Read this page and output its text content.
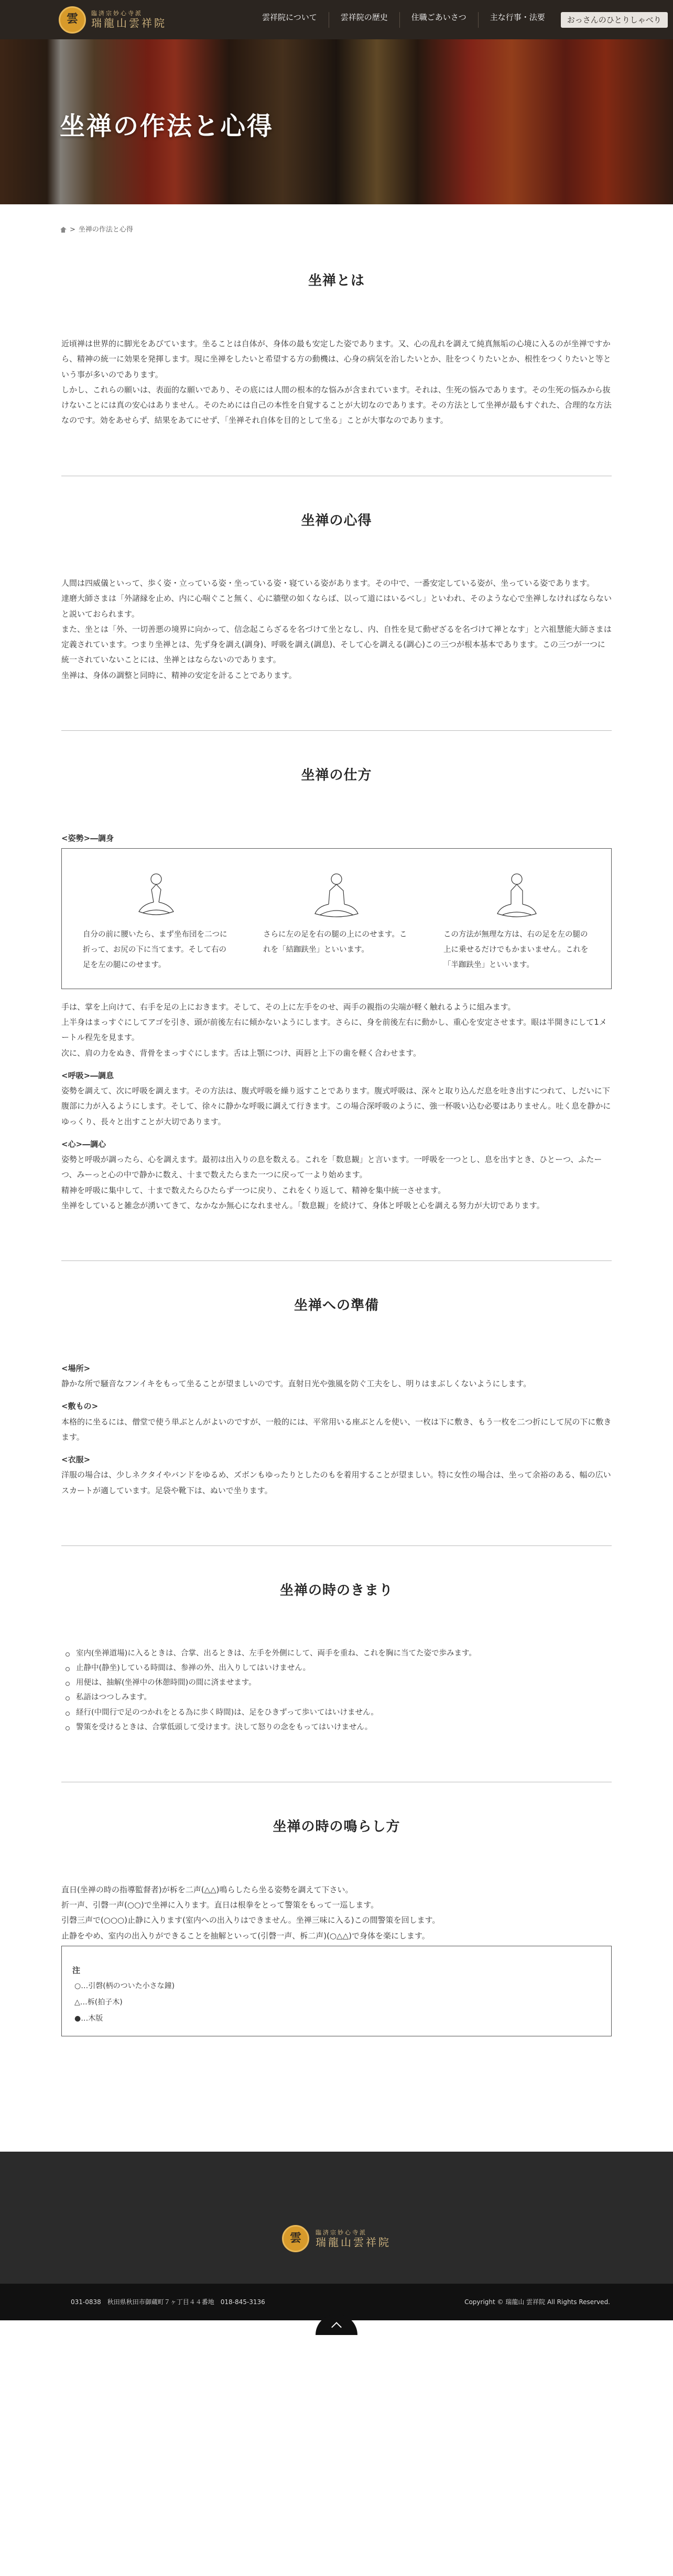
雲	臨済宗妙心寺派
瑞龍山雲祥院	雲祥院について	雲祥院の歴史	住職ごあいさつ	主な行事・法要	おっさんのひとりしゃべり
坐禅の作法と心得
> 坐禅の作法と心得
坐禅とは

近頃禅は世界的に脚光をあびています。坐ることは自体が、身体の最も安定した姿であります。又、心の乱れを調えて純真無垢の心境に入るのが坐禅ですから、精神の統一に効果を発揮します。現に坐禅をしたいと希望する方の動機は、心身の病気を治したいとか、肚をつくりたいとか、根性をつくりたいと等という事が多いのであります。

しかし、これらの願いは、表面的な願いであり、その底には人間の根本的な悩みが含まれています。それは、生死の悩みであります。その生死の悩みから抜けないことには真の安心はありません。そのためには自己の本性を自覚することが大切なのであります。その方法として坐禅が最もすぐれた、合理的な方法なのです。効をあせらず、結果をあてにせず、「坐禅それ自体を目的として坐る」ことが大事なのであります。

坐禅の心得

人間は四威儀といって、歩く姿・立っている姿・坐っている姿・寝ている姿があります。その中で、一番安定している姿が、坐っている姿であります。

達磨大師さまは「外諸縁を止め、内に心喘ぐこと無く、心に牆壁の如くならば、以って道にはいるべし」といわれ、そのような心で坐禅しなければならないと説いておられます。

また、坐とは「外、一切善悪の境界に向かって、信念起こらざるを名づけて坐となし、内、自性を見て動ぜざるを名づけて禅となす」と六祖慧能大師さまは定義されています。つまり坐禅とは、先ず身を調え(調身)、呼吸を調え(調息)、そして心を調える(調心)この三つが根本基本であります。この三つが一つに統一されていないことには、坐禅とはならないのであります。

坐禅は、身体の調整と同時に、精神の安定を計ることであります。

坐禅の仕方

<姿勢>―調身

自分の前に腰いたら、まず坐布団を二つに折って、お尻の下に当てます。そして右の足を左の腿にのせます。

さらに左の足を右の腿の上にのせます。これを「結跏趺坐」といいます。

この方法が無理な方は、右の足を左の腿の上に乗せるだけでもかまいません。これを「半跏趺坐」といいます。

手は、掌を上向けて、右手を足の上におきます。そして、その上に左手をのせ、両手の親指の尖端が軽く触れるように組みます。

上半身はまっすぐにしてアゴを引き、頭が前後左右に傾かないようにします。さらに、身を前後左右に動かし、重心を安定させます。眼は半開きにして1メートル程先を見ます。

次に、肩の力をぬき、背骨をまっすぐにします。舌は上顎につけ、両唇と上下の歯を軽く合わせます。

<呼吸>―調息

姿勢を調えて、次に呼吸を調えます。その方法は、腹式呼吸を繰り返すことであります。腹式呼吸は、深々と取り込んだ息を吐き出すにつれて、しだいに下腹部に力が入るようにします。そして、徐々に静かな呼吸に調えて行きます。この場合深呼吸のように、強一杯吸い込む必要はありません。吐く息を静かにゆっくり、長々と出すことが大切であります。

<心>―調心

姿勢と呼吸が調ったら、心を調えます。最初は出入りの息を数える。これを「数息観」と言います。一呼吸を一つとし、息を出すとき、ひとーつ、ふたーつ、みーっと心の中で静かに数え、十まで数えたらまた一つに戻って一より始めます。

精神を呼吸に集中して、十まで数えたらひたらず一つに戻り、これをくり返して、精神を集中統一させます。

坐禅をしていると雑念が湧いてきて、なかなか無心になれません。「数息観」を続けて、身体と呼吸と心を調える努力が大切であります。

坐禅への準備

<場所>

静かな所で騒音なフンイキをもって坐ることが望ましいのです。直射日光や強風を防ぐ工夫をし、明りはまぶしくないようにします。

<敷もの>

本格的に坐るには、僧堂で使う単ぶとんがよいのですが、一般的には、平常用いる座ぶとんを使い、一枚は下に敷き、もう一枚を二つ折にして尻の下に敷きます。

<衣服>

洋服の場合は、少しネクタイやバンドをゆるめ、ズボンもゆったりとしたのもを着用することが望ましい。特に女性の場合は、坐って余裕のある、幅の広いスカートが適しています。足袋や靴下は、ぬいで坐ります。

坐禅の時のきまり
室内(坐禅道場)に入るときは、合掌、出るときは、左手を外側にして、両手を重ね、これを胸に当てた姿で歩みます。
止静中(静坐)している時間は、参禅の外、出入りしてはいけません。
用便は、抽解(坐禅中の休憩時間)の間に済ませます。
私語はつつしみます。
経行(中間行で足のつかれをとる為に歩く時間)は、足をひきずって歩いてはいけません。
警策を受けるときは、合掌低頭して受けます。決して怒りの念をもってはいけません。
坐禅の時の鳴らし方

直日(坐禅の時の指導監督者)が柝を二声(△△)鳴らしたら坐る姿勢を調えて下さい。

折一声、引磬一声(○○)で坐禅に入ります。直日は根拳をとって警策をもって一巡します。

引磬三声で(○○○)止静に入ります(室内への出入りはできません。坐禅三味に入る)この間警策を回します。

止静をやめ、室内の出入りができることを抽解といって(引磬一声、柝二声)(○△△)で身体を楽にします。

注

○…引磬(柄のついた小さな鐘)
△…柝(拍子木)
●…木版
雲	臨済宗妙心寺派
瑞龍山雲祥院
031-0838　秋田県秋田市御蔵町７ヶ丁目４４番地　018-845-3136	Copyright © 瑞龍山 雲祥院 All Rights Reserved.
